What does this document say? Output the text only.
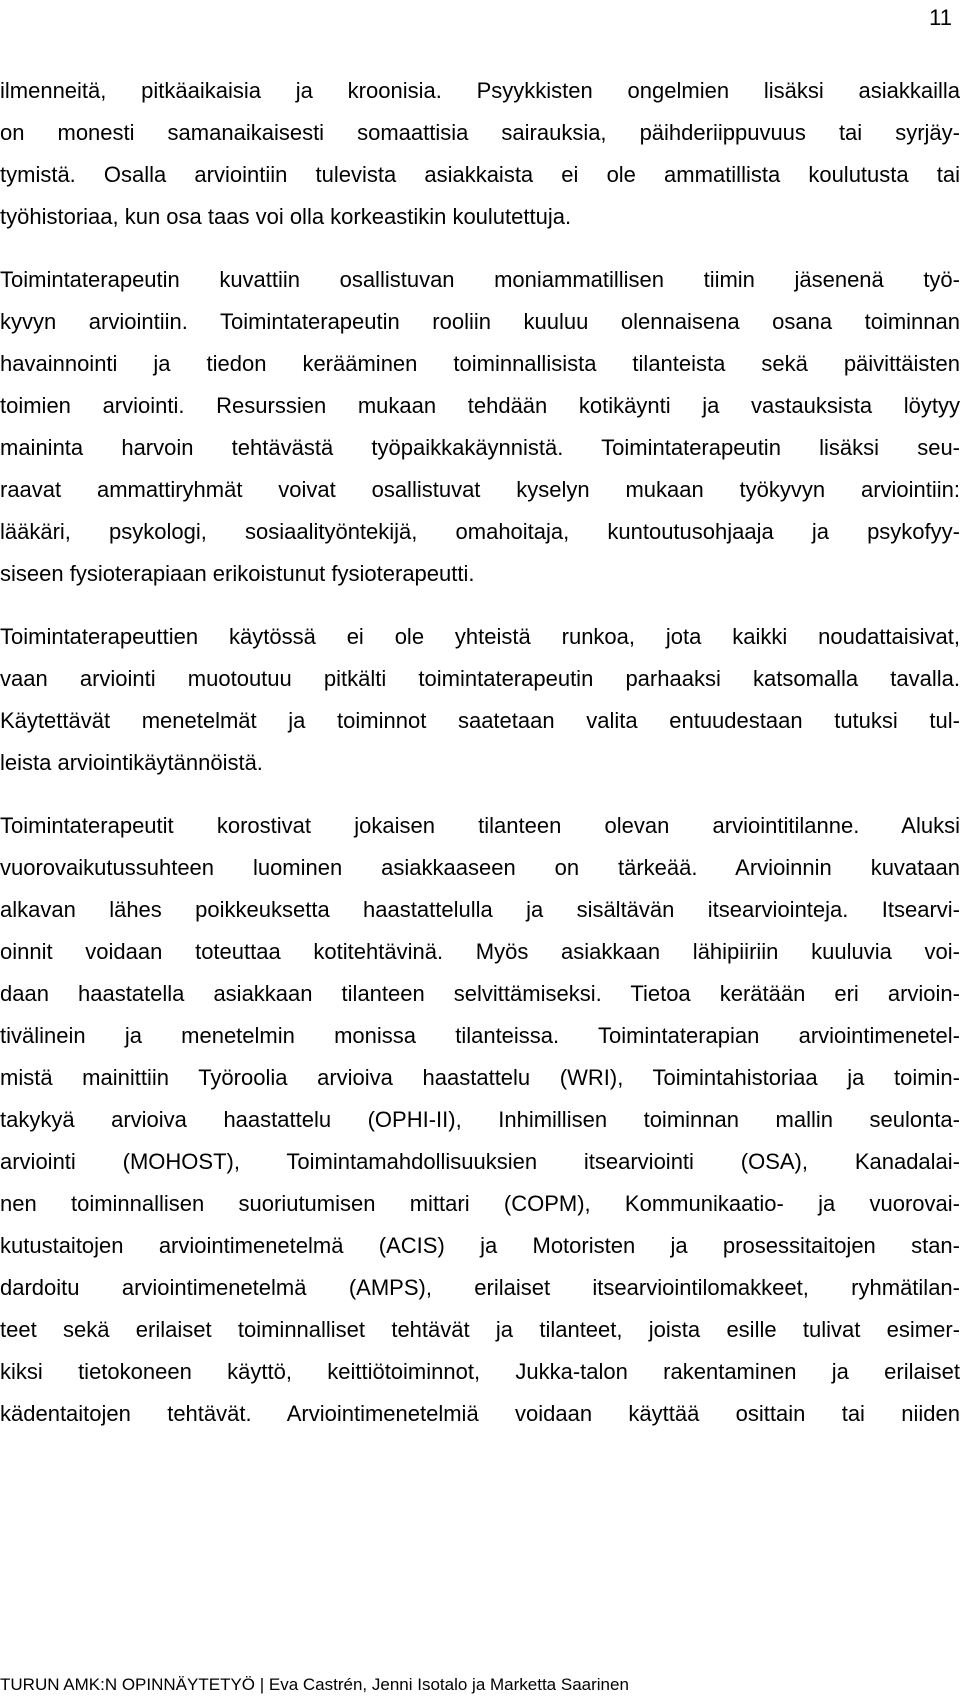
11
ilmenneitä, pitkäaikaisia ja kroonisia. Psyykkisten ongelmien lisäksi asiakkailla
on monesti samanaikaisesti somaattisia sairauksia, päihderiippuvuus tai syrjäy-
tymistä. Osalla arviointiin tulevista asiakkaista ei ole ammatillista koulutusta tai
työhistoriaa, kun osa taas voi olla korkeastikin koulutettuja.
Toimintaterapeutin kuvattiin osallistuvan moniammatillisen tiimin jäsenenä työ-
kyvyn arviointiin. Toimintaterapeutin rooliin kuuluu olennaisena osana toiminnan
havainnointi ja tiedon kerääminen toiminnallisista tilanteista sekä päivittäisten
toimien arviointi. Resurssien mukaan tehdään kotikäynti ja vastauksista löytyy
maininta harvoin tehtävästä työpaikkakäynnistä. Toimintaterapeutin lisäksi seu-
raavat ammattiryhmät voivat osallistuvat kyselyn mukaan työkyvyn arviointiin:
lääkäri, psykologi, sosiaalityöntekijä, omahoitaja, kuntoutusohjaaja ja psykofyy-
siseen fysioterapiaan erikoistunut fysioterapeutti.
Toimintaterapeuttien käytössä ei ole yhteistä runkoa, jota kaikki noudattaisivat,
vaan arviointi muotoutuu pitkälti toimintaterapeutin parhaaksi katsomalla tavalla.
Käytettävät menetelmät ja toiminnot saatetaan valita entuudestaan tutuksi tul-
leista arviointikäytännöistä.
Toimintaterapeutit korostivat jokaisen tilanteen olevan arviointitilanne. Aluksi
vuorovaikutussuhteen luominen asiakkaaseen on tärkeää. Arvioinnin kuvataan
alkavan lähes poikkeuksetta haastattelulla ja sisältävän itsearviointeja. Itsearvi-
oinnit voidaan toteuttaa kotitehtävinä. Myös asiakkaan lähipiiriin kuuluvia voi-
daan haastatella asiakkaan tilanteen selvittämiseksi. Tietoa kerätään eri arvioin-
tivälinein ja menetelmin monissa tilanteissa. Toimintaterapian arviointimenetel-
mistä mainittiin Työroolia arvioiva haastattelu (WRI), Toimintahistoriaa ja toimin-
takykyä arvioiva haastattelu (OPHI-II), Inhimillisen toiminnan mallin seulonta-
arviointi (MOHOST), Toimintamahdollisuuksien itsearviointi (OSA), Kanadalai-
nen toiminnallisen suoriutumisen mittari (COPM), Kommunikaatio- ja vuorovai-
kutustaitojen arviointimenetelmä (ACIS) ja Motoristen ja prosessitaitojen stan-
dardoitu arviointimenetelmä (AMPS), erilaiset itsearviointilomakkeet, ryhmätilan-
teet sekä erilaiset toiminnalliset tehtävät ja tilanteet, joista esille tulivat esimer-
kiksi tietokoneen käyttö, keittiötoiminnot, Jukka-talon rakentaminen ja erilaiset
kädentaitojen tehtävät. Arviointimenetelmiä voidaan käyttää osittain tai niiden
TURUN AMK:N OPINNÄYTETYÖ | Eva Castrén, Jenni Isotalo ja Marketta Saarinen
